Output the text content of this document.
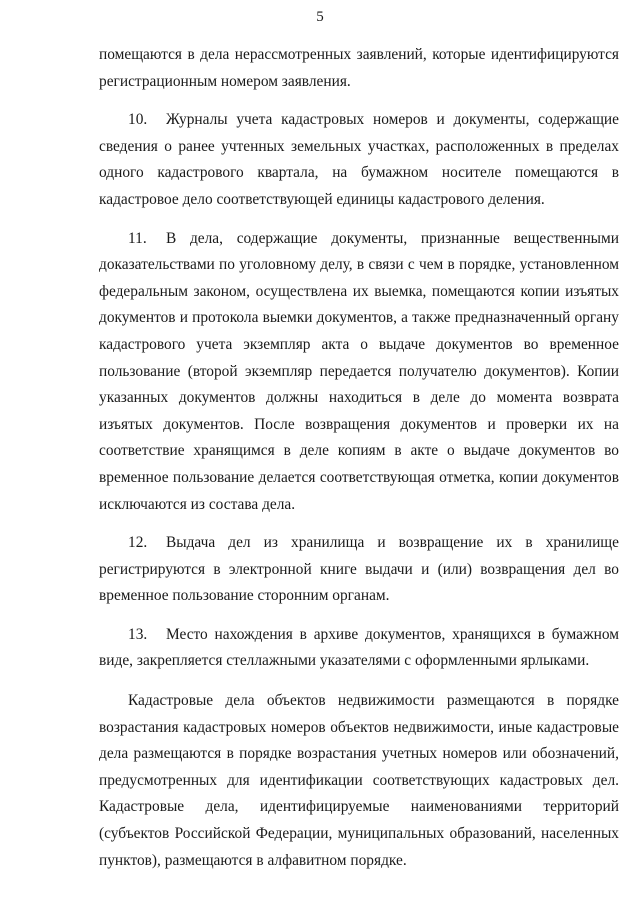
5

помещаются в дела нерассмотренных заявлений, которые идентифицируются регистрационным номером заявления.

10. Журналы учета кадастровых номеров и документы, содержащие сведения о ранее учтенных земельных участках, расположенных в пределах одного кадастрового квартала, на бумажном носителе помещаются в кадастровое дело соответствующей единицы кадастрового деления.

11. В дела, содержащие документы, признанные вещественными доказательствами по уголовному делу, в связи с чем в порядке, установленном федеральным законом, осуществлена их выемка, помещаются копии изъятых документов и протокола выемки документов, а также предназначенный органу кадастрового учета экземпляр акта о выдаче документов во временное пользование (второй экземпляр передается получателю документов). Копии указанных документов должны находиться в деле до момента возврата изъятых документов. После возвращения документов и проверки их на соответствие хранящимся в деле копиям в акте о выдаче документов во временное пользование делается соответствующая отметка, копии документов исключаются из состава дела.

12. Выдача дел из хранилища и возвращение их в хранилище регистрируются в электронной книге выдачи и (или) возвращения дел во временное пользование сторонним органам.

13. Место нахождения в архиве документов, хранящихся в бумажном виде, закрепляется стеллажными указателями с оформленными ярлыками.

Кадастровые дела объектов недвижимости размещаются в порядке возрастания кадастровых номеров объектов недвижимости, иные кадастровые дела размещаются в порядке возрастания учетных номеров или обозначений, предусмотренных для идентификации соответствующих кадастровых дел. Кадастровые дела, идентифицируемые наименованиями территорий (субъектов Российской Федерации, муниципальных образований, населенных пунктов), размещаются в алфавитном порядке.
